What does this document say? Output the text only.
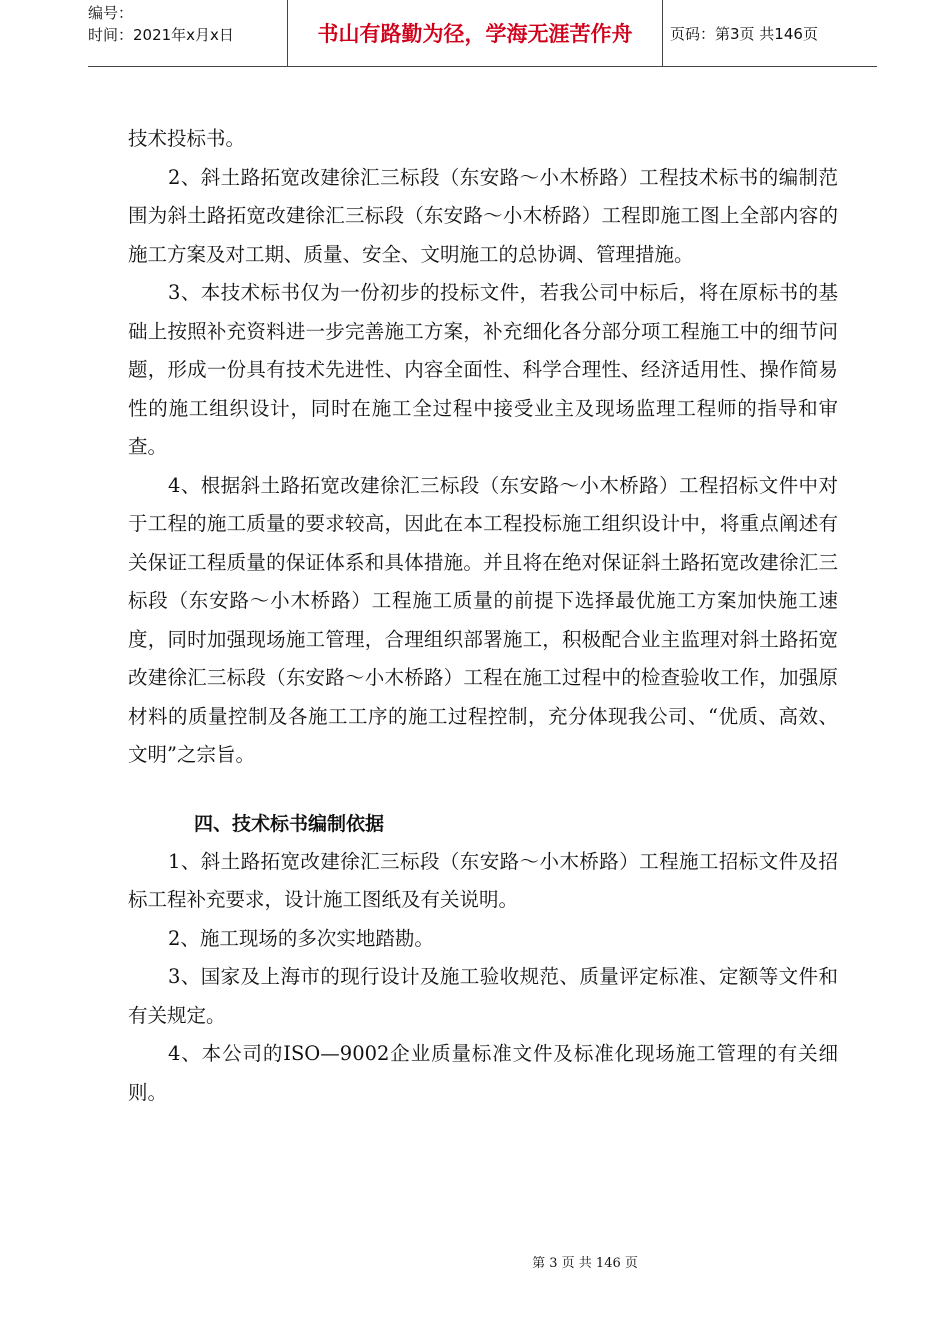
编号：
时间：2021年x月x日	书山有路勤为径，学海无涯苦作舟	页码：第3页 共146页

技术投标书。

2、斜土路拓宽改建徐汇三标段（东安路～小木桥路）工程技术标书的编制范围为斜土路拓宽改建徐汇三标段（东安路～小木桥路）工程即施工图上全部内容的施工方案及对工期、质量、安全、文明施工的总协调、管理措施。

3、本技术标书仅为一份初步的投标文件，若我公司中标后，将在原标书的基础上按照补充资料进一步完善施工方案，补充细化各分部分项工程施工中的细节问题，形成一份具有技术先进性、内容全面性、科学合理性、经济适用性、操作简易性的施工组织设计，同时在施工全过程中接受业主及现场监理工程师的指导和审查。

4、根据斜土路拓宽改建徐汇三标段（东安路～小木桥路）工程招标文件中对于工程的施工质量的要求较高，因此在本工程投标施工组织设计中，将重点阐述有关保证工程质量的保证体系和具体措施。并且将在绝对保证斜土路拓宽改建徐汇三标段（东安路～小木桥路）工程施工质量的前提下选择最优施工方案加快施工速度，同时加强现场施工管理，合理组织部署施工，积极配合业主监理对斜土路拓宽改建徐汇三标段（东安路～小木桥路）工程在施工过程中的检查验收工作，加强原材料的质量控制及各施工工序的施工过程控制，充分体现我公司、“优质、高效、文明”之宗旨。

四、技术标书编制依据

1、斜土路拓宽改建徐汇三标段（东安路～小木桥路）工程施工招标文件及招标工程补充要求，设计施工图纸及有关说明。

2、施工现场的多次实地踏勘。

3、国家及上海市的现行设计及施工验收规范、质量评定标准、定额等文件和有关规定。

4、本公司的ISO—9002企业质量标准文件及标准化现场施工管理的有关细则。

第 3 页 共 146 页
